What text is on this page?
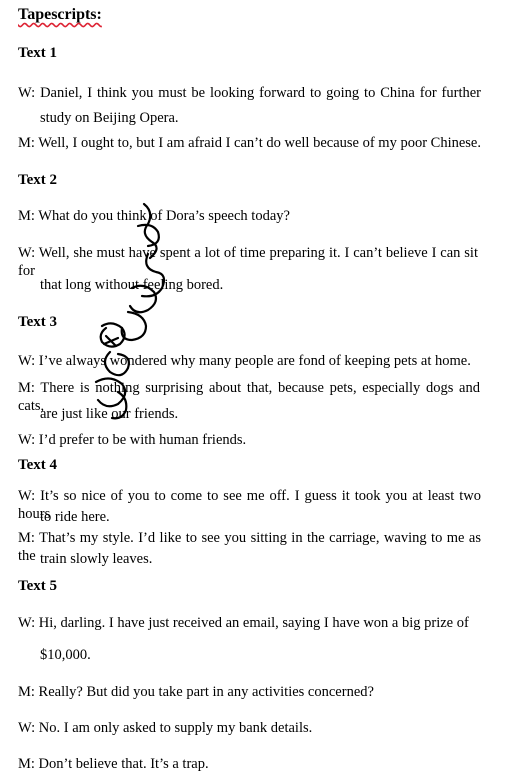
Tapescripts:
Text 1
W: Daniel, I think you must be looking forward to going to China for further
study on Beijing Opera.
M: Well, I ought to, but I am afraid I can’t do well because of my poor Chinese.
Text 2
M: What do you think of Dora’s speech today?
W: Well, she must have spent a lot of time preparing it. I can’t believe I can sit for
that long without feeling bored.
Text 3
W: I’ve always wondered why many people are fond of keeping pets at home.
M: There is nothing surprising about that, because pets, especially dogs and cats,
are just like our friends.
W: I’d prefer to be with human friends.
Text 4
W: It’s so nice of you to come to see me off. I guess it took you at least two hours
to ride here.
M: That’s my style. I’d like to see you sitting in the carriage, waving to me as the train slowly leaves.
Text 5
W: Hi, darling. I have just received an email, saying I have won a big prize of
$10,000.
M: Really? But did you take part in any activities concerned?
W: No. I am only asked to supply my bank details.
M: Don’t believe that. It’s a trap.
